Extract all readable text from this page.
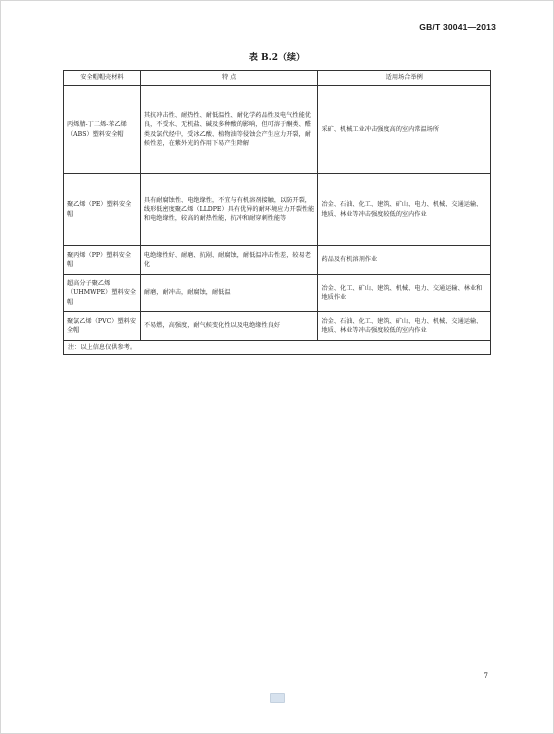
GB/T 30041—2013
表 B.2（续）
安全帽帽壳材料	特 点	适用场合举例
丙烯腈-丁二烯-苯乙烯（ABS）塑料安全帽	其抗冲击性、耐热性、耐低温性、耐化学药品性及电气性能优良，不受水、无机盐、碱及多种酸的影响，但可溶于酮类、醛类及氯代烃中，受冰乙酸、植物油等侵蚀会产生应力开裂，耐候性差，在紫外光的作用下易产生降解	采矿、机械工业冲击强度高的室内常温场所
聚乙烯（PE）塑料安全帽	具有耐腐蚀性、电绝缘性，不宜与有机溶剂接触，以防开裂，线形低密度聚乙烯（LLDPE）具有优异的耐环境应力开裂性能和电绝缘性，较高的耐热性能，抗冲和耐穿刺性能等	冶金、石油、化工、建筑、矿山、电力、机械、交通运输、地质、林业等冲击强度较低的室内作业
聚丙烯（PP）塑料安全帽	电绝缘性好、耐磨、抗剐、耐腐蚀，耐低温冲击性差，较易老化	药品及有机溶剂作业
超高分子聚乙烯（UHMWPE）塑料安全帽	耐磨，耐冲击，耐腐蚀，耐低温	冶金、化工、矿山、建筑、机械、电力、交通运输、林业和地质作业
聚氯乙烯（PVC）塑料安全帽	不易燃，高强度，耐气候变化性以及电绝缘性良好	冶金、石油、化工、建筑、矿山、电力、机械、交通运输、地质、林业等冲击强度较低的室内作业
注：以上信息仅供参考。		
7
